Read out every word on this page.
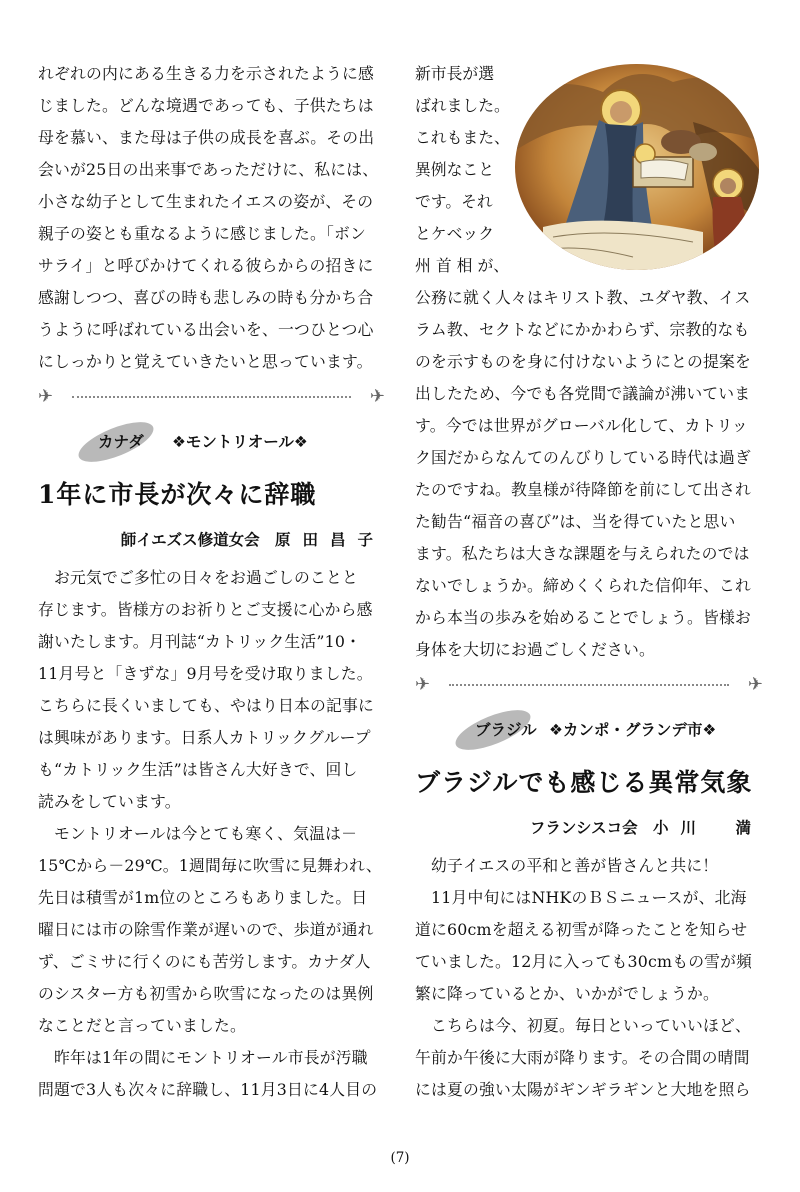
れぞれの内にある生きる力を示されたように感
じました。どんな境遇であっても、子供たちは
母を慕い、また母は子供の成長を喜ぶ。その出
会いが25日の出来事であっただけに、私には、
小さな幼子として生まれたイエスの姿が、その
親子の姿とも重なるように感じました。「ボン
サライ」と呼びかけてくれる彼らからの招きに
感謝しつつ、喜びの時も悲しみの時も分かち合
うように呼ばれている出会いを、一つひとつ心
にしっかりと覚えていきたいと思っています。
✈	✈
カナダ ❖モントリオール❖
1年に市長が次々に辞職
師イエズス修道女会 原田昌子
　お元気でご多忙の日々をお過ごしのことと
存じます。皆様方のお祈りとご支援に心から感
謝いたします。月刊誌“カトリック生活”10・
11月号と「きずな」9月号を受け取りました。
こちらに長くいましても、やはり日本の記事に
は興味があります。日系人カトリックグループ
も“カトリック生活”は皆さん大好きで、回し
読みをしています。
　モントリオールは今とても寒く、気温は－
15℃から－29℃。1週間毎に吹雪に見舞われ、
先日は積雪が1m位のところもありました。日
曜日には市の除雪作業が遅いので、歩道が通れ
ず、ごミサに行くのにも苦労します。カナダ人
のシスター方も初雪から吹雪になったのは異例
なことだと言っていました。
　昨年は1年の間にモントリオール市長が汚職
問題で3人も次々に辞職し、11月3日に4人目の
新市長が選
ばれました。
これもまた、
異例なこと
です。それ
とケベック
州 首 相 が、
公務に就く人々はキリスト教、ユダヤ教、イス
ラム教、セクトなどにかかわらず、宗教的なも
のを示すものを身に付けないようにとの提案を
出したため、今でも各党間で議論が沸いていま
す。今では世界がグローバル化して、カトリッ
ク国だからなんてのんびりしている時代は過ぎ
たのですね。教皇様が待降節を前にして出され
た勧告“福音の喜び”は、当を得ていたと思い
ます。私たちは大きな課題を与えられたのでは
ないでしょうか。締めくくられた信仰年、これ
から本当の歩みを始めることでしょう。皆様お
身体を大切にお過ごしください。
✈	✈
ブラジル ❖カンポ・グランデ市❖
ブラジルでも感じる異常気象
フランシスコ会 小川　満
　幼子イエスの平和と善が皆さんと共に！
　11月中旬にはNHKのＢＳニュースが、北海
道に60cmを超える初雪が降ったことを知らせ
ていました。12月に入っても30cmもの雪が頻
繁に降っているとか、いかがでしょうか。
　こちらは今、初夏。毎日といっていいほど、
午前か午後に大雨が降ります。その合間の晴間
には夏の強い太陽がギンギラギンと大地を照ら
(7)
